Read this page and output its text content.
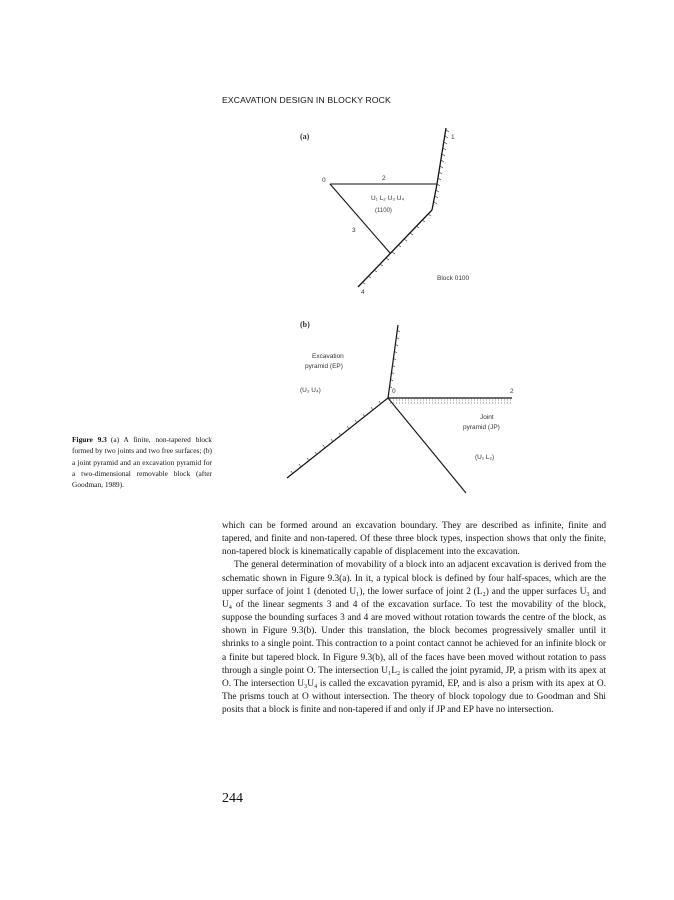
EXCAVATION DESIGN IN BLOCKY ROCK
(a)
0
1
2
3
4
U₁ L₂ U₃ U₄
(1100)
Block 0100
(b)
Excavation
pyramid (EP)
(U₃ U₄)	0	2
Joint
pyramid (JP)
(U₁ L₂)
Figure 9.3 (a) A finite, non-tapered block formed by two joints and two free surfaces; (b) a joint pyramid and an excavation pyramid for a two-dimensional removable block (after Goodman, 1989).

which can be formed around an excavation boundary. They are described as infinite, finite and tapered, and finite and non-tapered. Of these three block types, inspection shows that only the finite, non-tapered block is kinematically capable of displacement into the excavation.

The general determination of movability of a block into an adjacent excavation is derived from the schematic shown in Figure 9.3(a). In it, a typical block is defined by four half-spaces, which are the upper surface of joint 1 (denoted U₁), the lower surface of joint 2 (L₂) and the upper surfaces U₃ and U₄ of the linear segments 3 and 4 of the excavation surface. To test the movability of the block, suppose the bounding surfaces 3 and 4 are moved without rotation towards the centre of the block, as shown in Figure 9.3(b). Under this translation, the block becomes progressively smaller until it shrinks to a single point. This contraction to a point contact cannot be achieved for an infinite block or a finite but tapered block. In Figure 9.3(b), all of the faces have been moved without rotation to pass through a single point O. The intersection U₁L₂ is called the joint pyramid, JP, a prism with its apex at O. The intersection U₃U₄ is called the excavation pyramid, EP, and is also a prism with its apex at O. The prisms touch at O without intersection. The theory of block topology due to Goodman and Shi posits that a block is finite and non-tapered if and only if JP and EP have no intersection.

244
